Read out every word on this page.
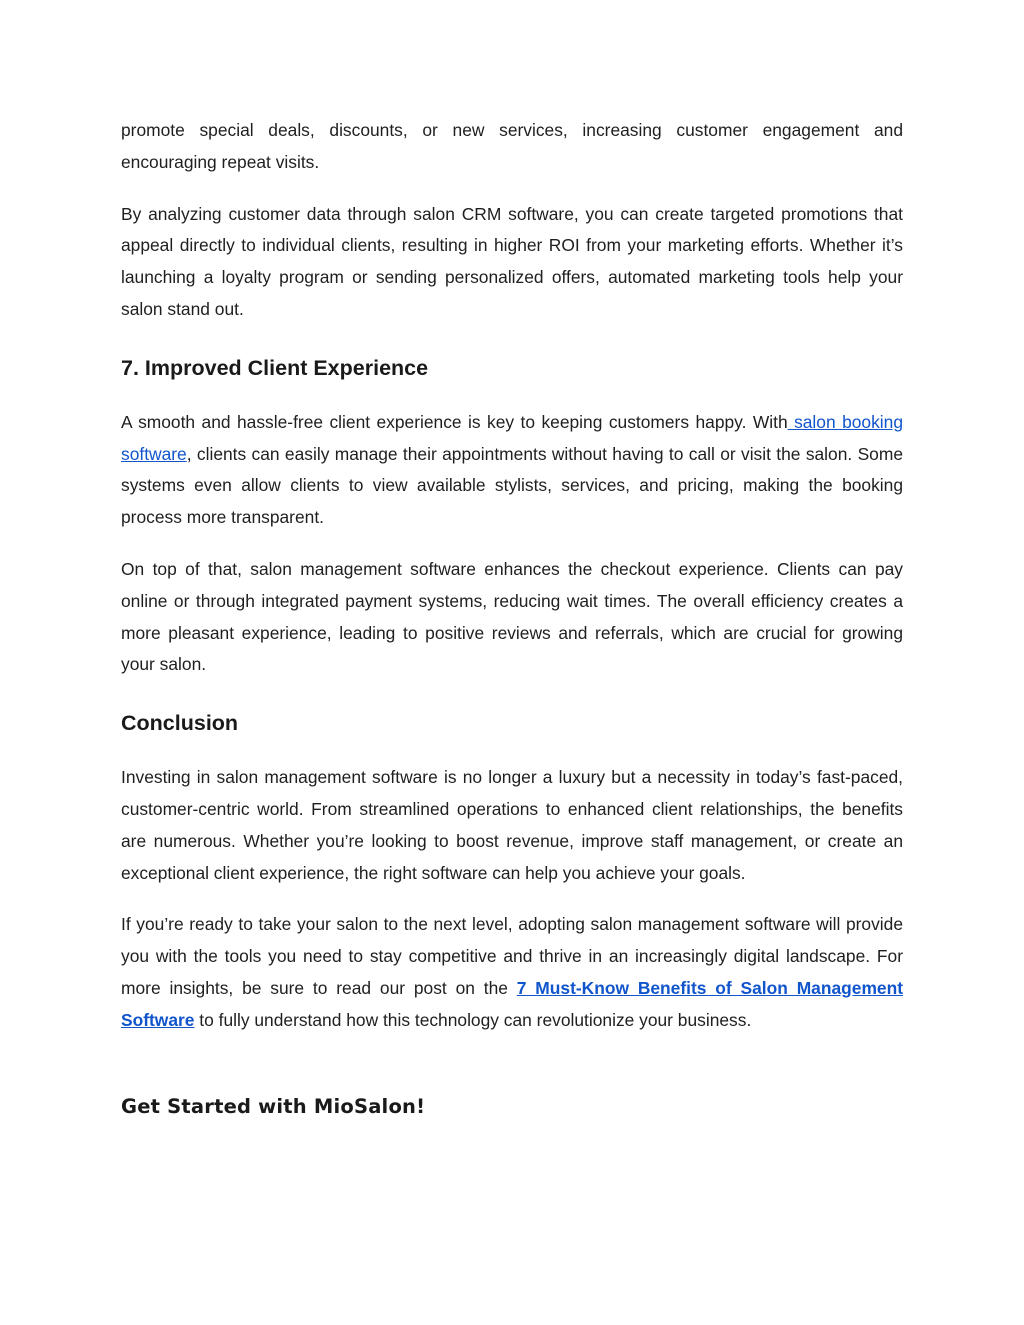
promote special deals, discounts, or new services, increasing customer engagement and encouraging repeat visits.

By analyzing customer data through salon CRM software, you can create targeted promotions that appeal directly to individual clients, resulting in higher ROI from your marketing efforts. Whether it’s launching a loyalty program or sending personalized offers, automated marketing tools help your salon stand out.

7. Improved Client Experience

A smooth and hassle-free client experience is key to keeping customers happy. With salon booking software, clients can easily manage their appointments without having to call or visit the salon. Some systems even allow clients to view available stylists, services, and pricing, making the booking process more transparent.

On top of that, salon management software enhances the checkout experience. Clients can pay online or through integrated payment systems, reducing wait times. The overall efficiency creates a more pleasant experience, leading to positive reviews and referrals, which are crucial for growing your salon.

Conclusion

Investing in salon management software is no longer a luxury but a necessity in today’s fast-paced, customer-centric world. From streamlined operations to enhanced client relationships, the benefits are numerous. Whether you’re looking to boost revenue, improve staff management, or create an exceptional client experience, the right software can help you achieve your goals.

If you’re ready to take your salon to the next level, adopting salon management software will provide you with the tools you need to stay competitive and thrive in an increasingly digital landscape. For more insights, be sure to read our post on the 7 Must-Know Benefits of Salon Management Software to fully understand how this technology can revolutionize your business.

Get Started with MioSalon!
